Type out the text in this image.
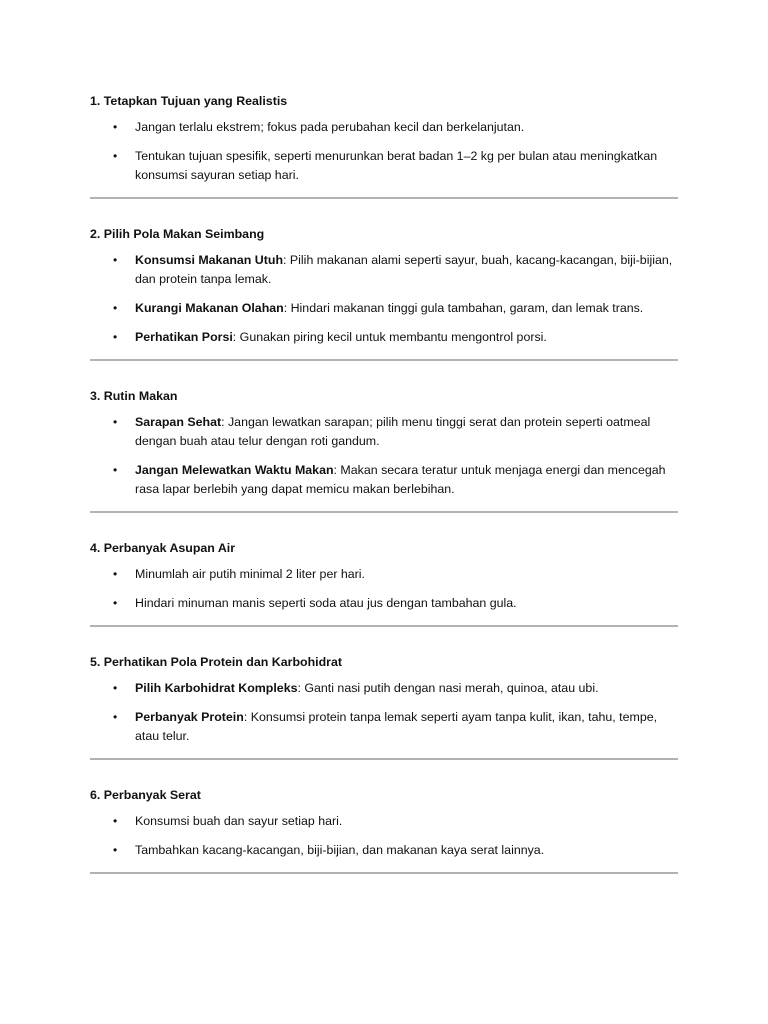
1. Tetapkan Tujuan yang Realistis
• Jangan terlalu ekstrem; fokus pada perubahan kecil dan berkelanjutan.
• Tentukan tujuan spesifik, seperti menurunkan berat badan 1–2 kg per bulan atau meningkatkan konsumsi sayuran setiap hari.
2. Pilih Pola Makan Seimbang
• Konsumsi Makanan Utuh: Pilih makanan alami seperti sayur, buah, kacang-kacangan, biji-bijian, dan protein tanpa lemak.
• Kurangi Makanan Olahan: Hindari makanan tinggi gula tambahan, garam, dan lemak trans.
• Perhatikan Porsi: Gunakan piring kecil untuk membantu mengontrol porsi.
3. Rutin Makan
• Sarapan Sehat: Jangan lewatkan sarapan; pilih menu tinggi serat dan protein seperti oatmeal dengan buah atau telur dengan roti gandum.
• Jangan Melewatkan Waktu Makan: Makan secara teratur untuk menjaga energi dan mencegah rasa lapar berlebih yang dapat memicu makan berlebihan.
4. Perbanyak Asupan Air
• Minumlah air putih minimal 2 liter per hari.
• Hindari minuman manis seperti soda atau jus dengan tambahan gula.
5. Perhatikan Pola Protein dan Karbohidrat
• Pilih Karbohidrat Kompleks: Ganti nasi putih dengan nasi merah, quinoa, atau ubi.
• Perbanyak Protein: Konsumsi protein tanpa lemak seperti ayam tanpa kulit, ikan, tahu, tempe, atau telur.
6. Perbanyak Serat
• Konsumsi buah dan sayur setiap hari.
• Tambahkan kacang-kacangan, biji-bijian, dan makanan kaya serat lainnya.
